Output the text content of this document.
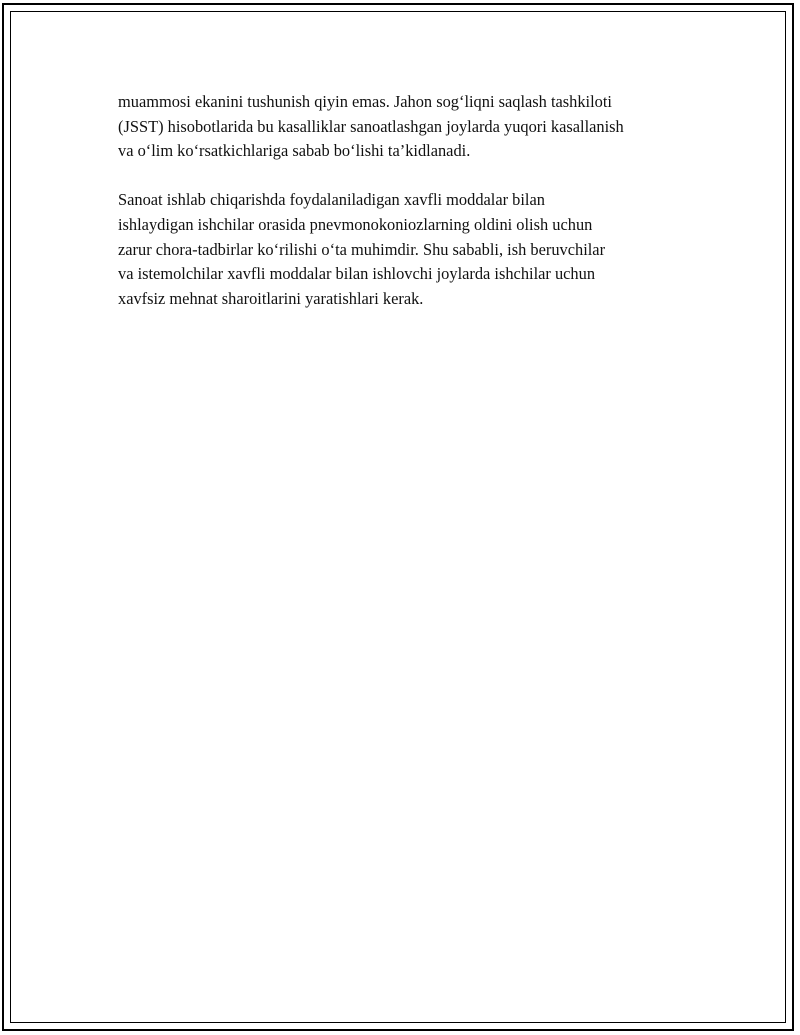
muammosi ekanini tushunish qiyin emas. Jahon sog‘liqni saqlash tashkiloti
(JSST) hisobotlarida bu kasalliklar sanoatlashgan joylarda yuqori kasallanish
va o‘lim ko‘rsatkichlariga sabab bo‘lishi ta’kidlanadi.

Sanoat ishlab chiqarishda foydalaniladigan xavfli moddalar bilan
ishlaydigan ishchilar orasida pnevmonokoniozlarning oldini olish uchun
zarur chora-tadbirlar ko‘rilishi o‘ta muhimdir. Shu sababli, ish beruvchilar
va istemolchilar xavfli moddalar bilan ishlovchi joylarda ishchilar uchun
xavfsiz mehnat sharoitlarini yaratishlari kerak.
